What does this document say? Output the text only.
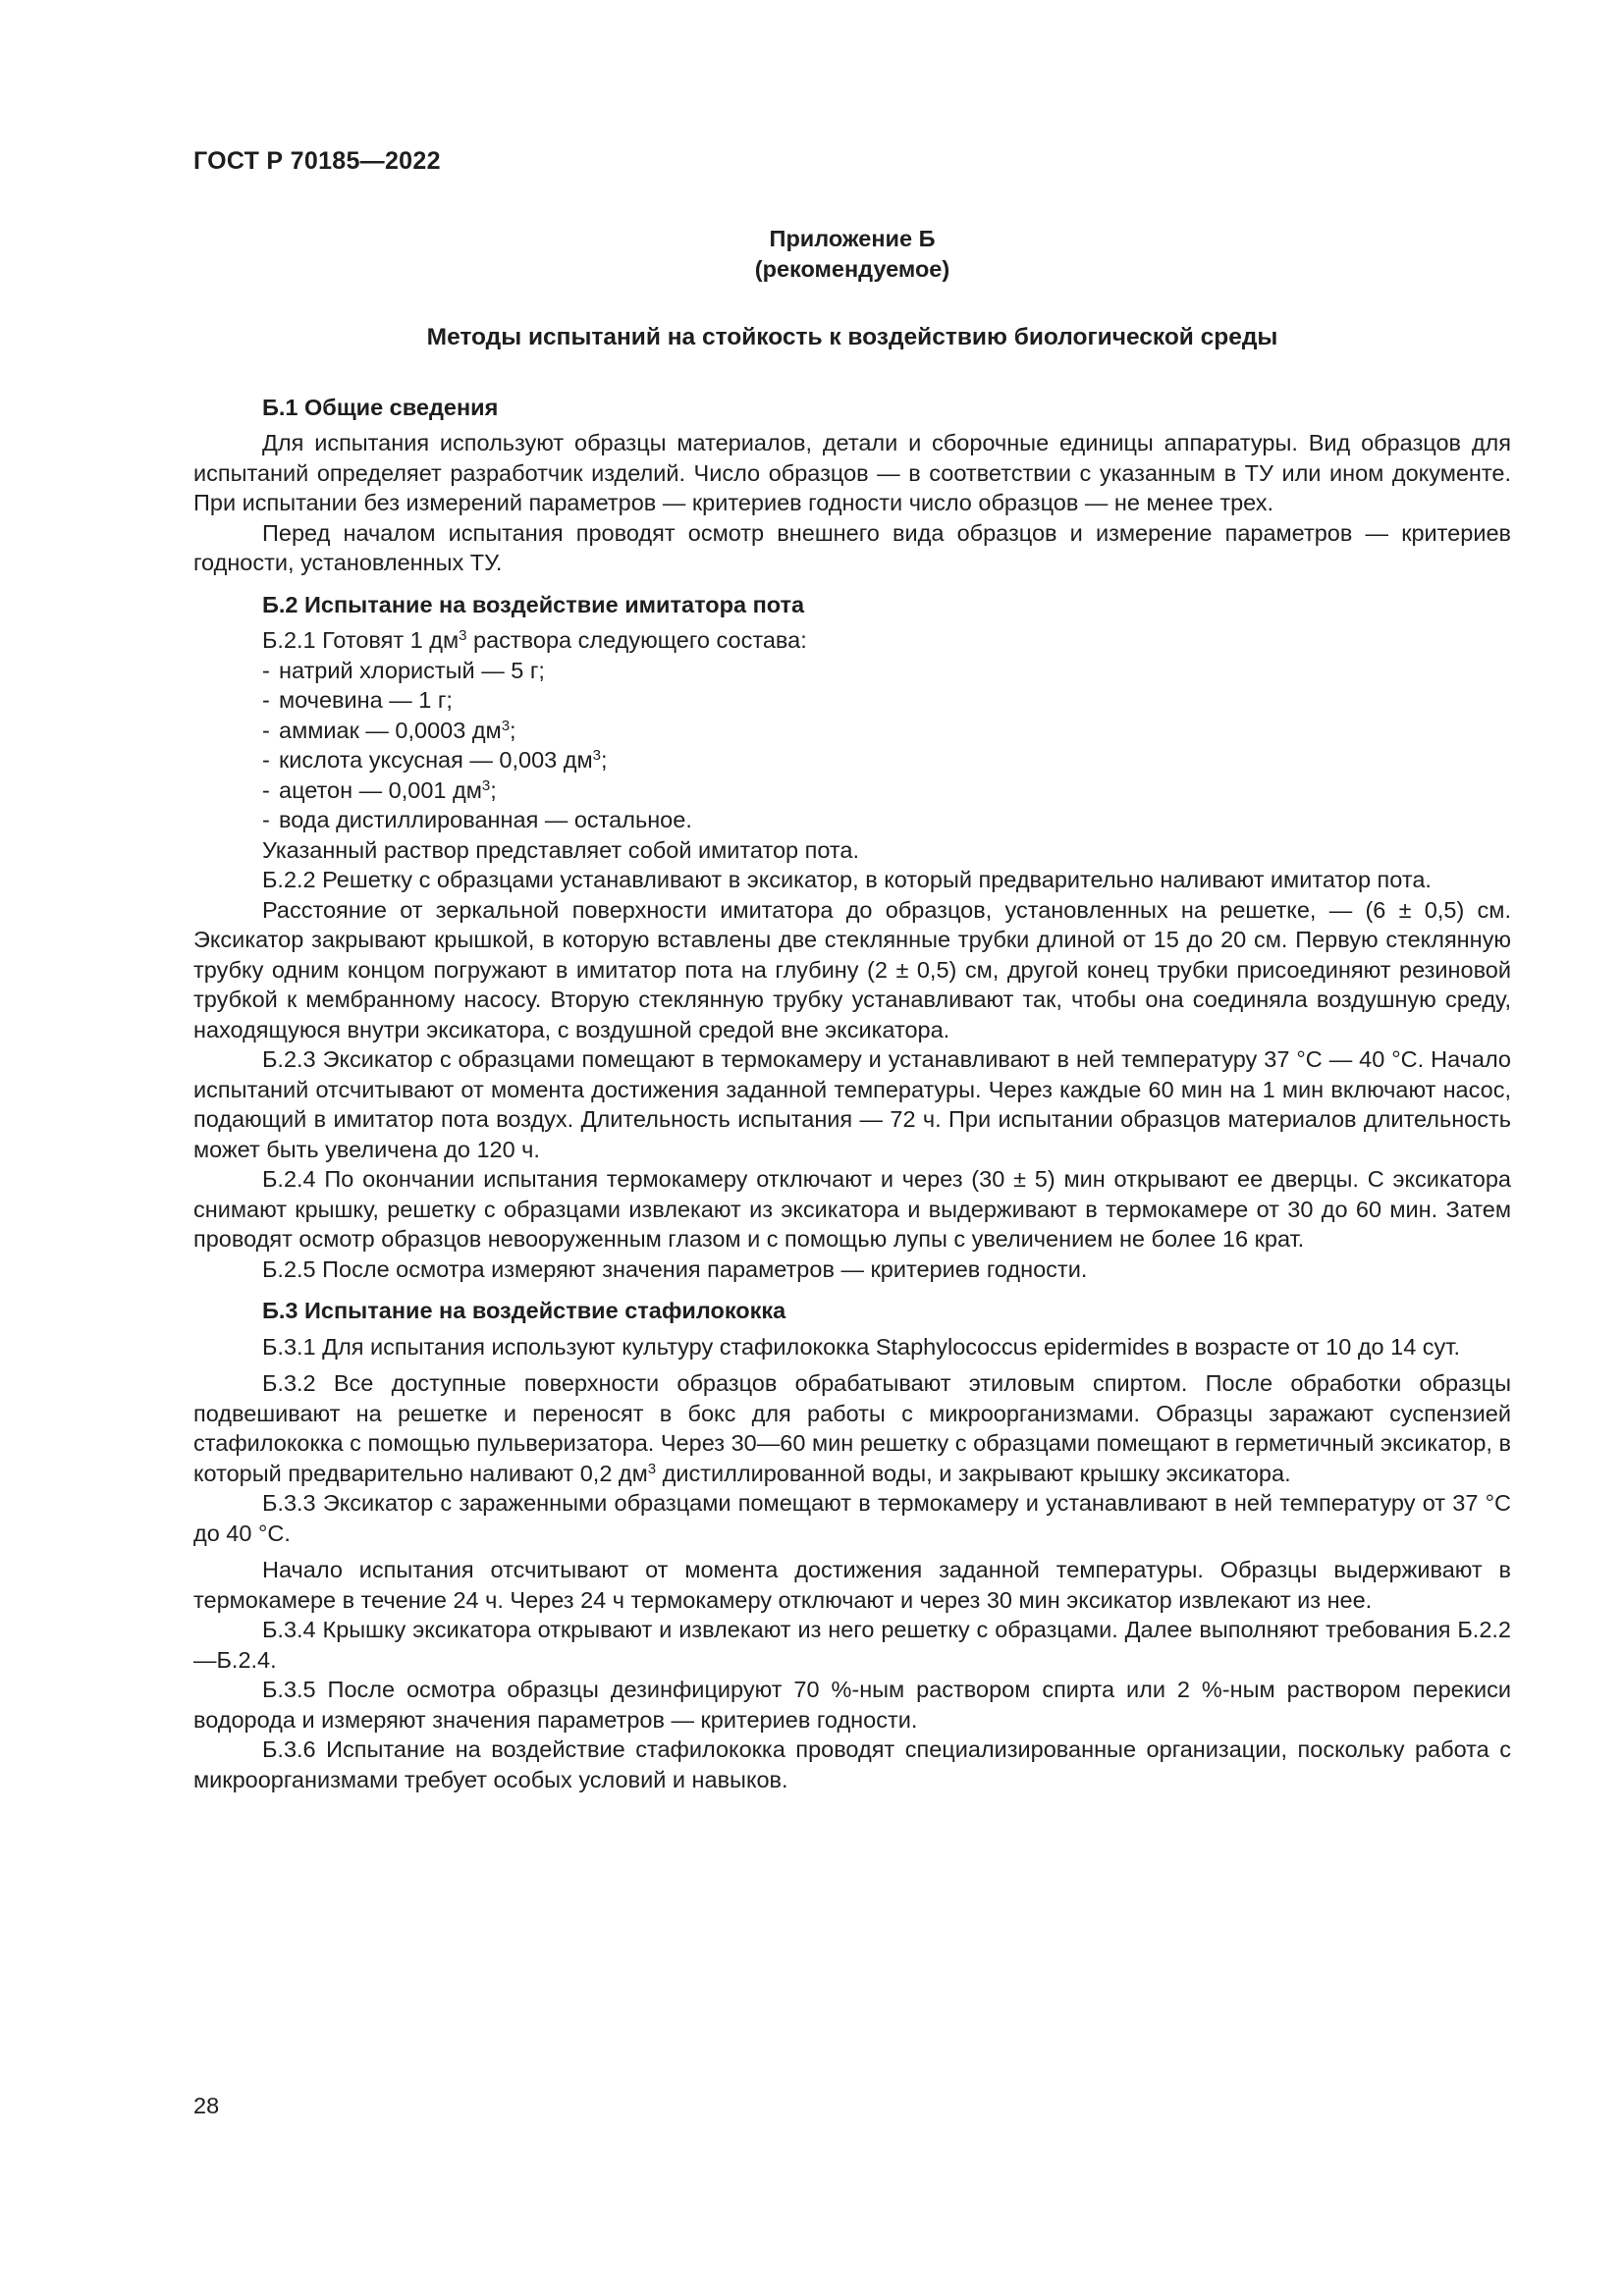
ГОСТ Р 70185—2022
Приложение Б
(рекомендуемое)
Методы испытаний на стойкость к воздействию биологической среды
Б.1 Общие сведения

Для испытания используют образцы материалов, детали и сборочные единицы аппаратуры. Вид образцов для испытаний определяет разработчик изделий. Число образцов — в соответствии с указанным в ТУ или ином документе. При испытании без измерений параметров — критериев годности число образцов — не менее трех.

Перед началом испытания проводят осмотр внешнего вида образцов и измерение параметров — критериев годности, установленных ТУ.

Б.2 Испытание на воздействие имитатора пота

Б.2.1 Готовят 1 $дм^3$ раствора следующего состава:

- натрий хлористый — 5 г;
- мочевина — 1 г;
- аммиак — 0,0003 $дм^3$;
- кислота уксусная — 0,003 $дм^3$;
- ацетон — 0,001 $дм^3$;
- вода дистиллированная — остальное.

Указанный раствор представляет собой имитатор пота.

Б.2.2 Решетку с образцами устанавливают в эксикатор, в который предварительно наливают имитатор пота.

Расстояние от зеркальной поверхности имитатора до образцов, установленных на решетке, — (6 ± 0,5) см. Эксикатор закрывают крышкой, в которую вставлены две стеклянные трубки длиной от 15 до 20 см. Первую стеклянную трубку одним концом погружают в имитатор пота на глубину (2 ± 0,5) см, другой конец трубки присоединяют резиновой трубкой к мембранному насосу. Вторую стеклянную трубку устанавливают так, чтобы она соединяла воздушную среду, находящуюся внутри эксикатора, с воздушной средой вне эксикатора.

Б.2.3 Эксикатор с образцами помещают в термокамеру и устанавливают в ней температуру 37 °С — 40 °С. Начало испытаний отсчитывают от момента достижения заданной температуры. Через каждые 60 мин на 1 мин включают насос, подающий в имитатор пота воздух. Длительность испытания — 72 ч. При испытании образцов материалов длительность может быть увеличена до 120 ч.

Б.2.4 По окончании испытания термокамеру отключают и через (30 ± 5) мин открывают ее дверцы. С эксикатора снимают крышку, решетку с образцами извлекают из эксикатора и выдерживают в термокамере от 30 до 60 мин. Затем проводят осмотр образцов невооруженным глазом и с помощью лупы с увеличением не более 16 крат.

Б.2.5 После осмотра измеряют значения параметров — критериев годности.

Б.3 Испытание на воздействие стафилококка

Б.3.1 Для испытания используют культуру стафилококка Staphylococcus epidermides в возрасте от 10 до 14 сут.

Б.3.2 Все доступные поверхности образцов обрабатывают этиловым спиртом. После обработки образцы подвешивают на решетке и переносят в бокс для работы с микроорганизмами. Образцы заражают суспензией стафилококка с помощью пульверизатора. Через 30—60 мин решетку с образцами помещают в герметичный эксикатор, в который предварительно наливают 0,2 $дм^3$ дистиллированной воды, и закрывают крышку эксикатора.

Б.3.3 Эксикатор с зараженными образцами помещают в термокамеру и устанавливают в ней температуру от 37 °С до 40 °С.

Начало испытания отсчитывают от момента достижения заданной температуры. Образцы выдерживают в термокамере в течение 24 ч. Через 24 ч термокамеру отключают и через 30 мин эксикатор извлекают из нее.

Б.3.4 Крышку эксикатора открывают и извлекают из него решетку с образцами. Далее выполняют требования Б.2.2—Б.2.4.

Б.3.5 После осмотра образцы дезинфицируют 70 %-ным раствором спирта или 2 %-ным раствором перекиси водорода и измеряют значения параметров — критериев годности.

Б.3.6 Испытание на воздействие стафилококка проводят специализированные организации, поскольку работа с микроорганизмами требует особых условий и навыков.

28
